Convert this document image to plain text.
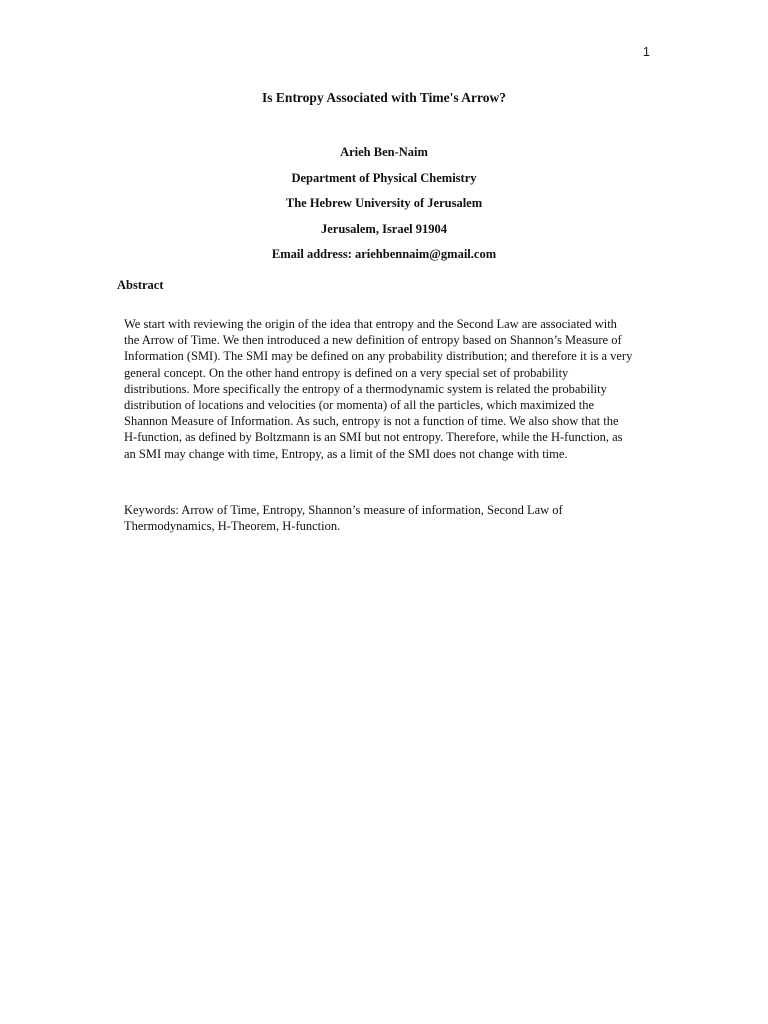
1
Is Entropy Associated with Time's Arrow?
Arieh Ben-Naim
Department of Physical Chemistry
The Hebrew University of Jerusalem
Jerusalem, Israel 91904
Email address: ariehbennaim@gmail.com
Abstract
We start with reviewing the origin of the idea that entropy and the Second Law are associated with
the Arrow of Time. We then introduced a new definition of entropy based on Shannon’s Measure of
Information (SMI). The SMI may be defined on any probability distribution; and therefore it is a very
general concept. On the other hand entropy is defined on a very special set of probability
distributions. More specifically the entropy of a thermodynamic system is related the probability
distribution of locations and velocities (or momenta) of all the particles, which maximized the
Shannon Measure of Information. As such, entropy is not a function of time. We also show that the
H-function, as defined by Boltzmann is an SMI but not entropy. Therefore, while the H-function, as
an SMI may change with time, Entropy, as a limit of the SMI does not change with time.
Keywords: Arrow of Time, Entropy, Shannon’s measure of information, Second Law of
Thermodynamics, H-Theorem, H-function.
